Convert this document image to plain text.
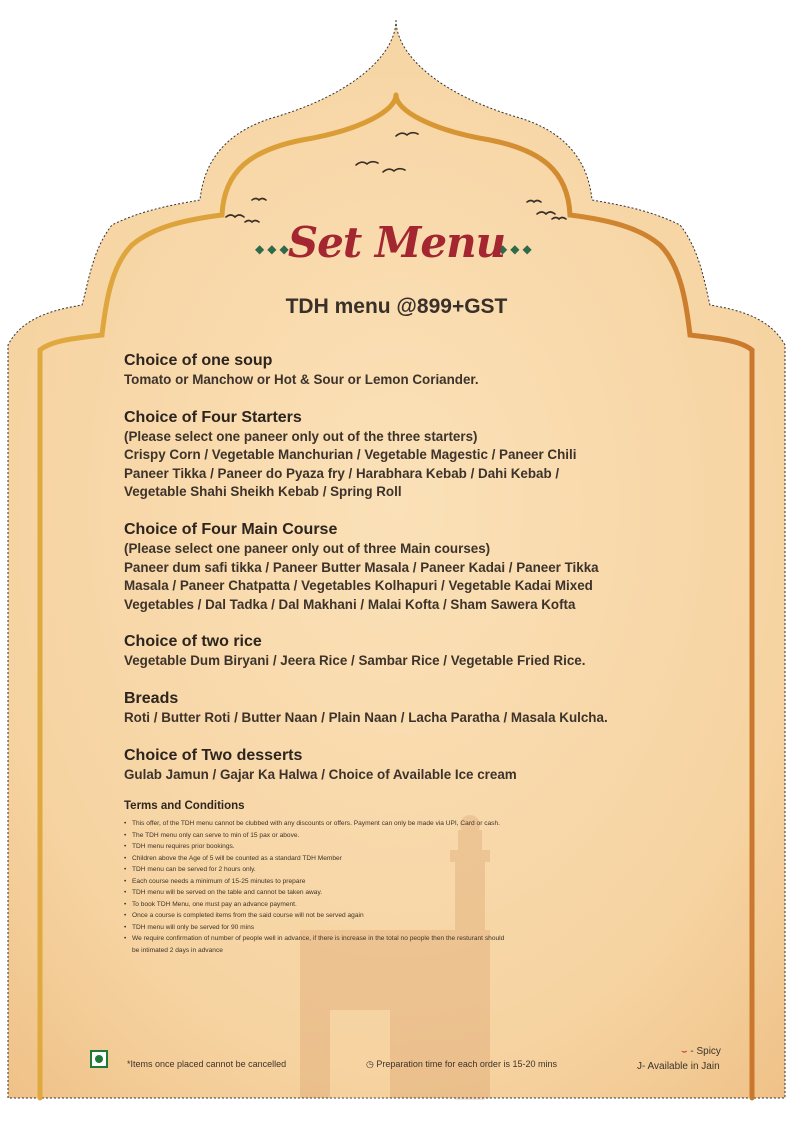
◆◆◆	◆◆◆
Set Menu
TDH menu @899+GST
Choice of one soup
Tomato or Manchow or Hot & Sour or Lemon Coriander.
Choice of Four Starters
(Please select one paneer only out of the three starters)
Crispy Corn / Vegetable Manchurian / Vegetable Magestic / Paneer Chili
Paneer Tikka / Paneer do Pyaza fry / Harabhara Kebab / Dahi Kebab /
Vegetable Shahi Sheikh Kebab / Spring Roll
Choice of Four Main Course
(Please select one paneer only out of three Main courses)
Paneer dum safi tikka / Paneer Butter Masala / Paneer Kadai / Paneer Tikka
Masala / Paneer Chatpatta / Vegetables Kolhapuri / Vegetable Kadai Mixed
Vegetables / Dal Tadka / Dal Makhani / Malai Kofta / Sham Sawera Kofta
Choice of two rice
Vegetable Dum Biryani / Jeera Rice / Sambar Rice / Vegetable Fried Rice.
Breads
Roti / Butter Roti / Butter Naan / Plain Naan / Lacha Paratha / Masala Kulcha.
Choice of Two desserts
Gulab Jamun / Gajar Ka Halwa / Choice of Available Ice cream
Terms and Conditions
• This offer, of the TDH menu cannot be clubbed with any discounts or offers. Payment can only be made via UPI, Card or cash.
• The TDH menu only can serve to min of 15 pax or above.
• TDH menu requires prior bookings.
• Children above the Age of 5 will be counted as a standard TDH Member
• TDH menu can be served for 2 hours only.
• Each course needs a minimum of 15-25 minutes to prepare
• TDH menu will be served on the table and cannot be taken away.
• To book TDH Menu, one must pay an advance payment.
• Once a course is completed items from the said course will not be served again
• TDH menu will only be served for 90 mins
• We require confirmation of number of people well in advance, if there is increase in the total no people then the resturant should be intimated 2 days in advance
*Items once placed cannot be cancelled	◷ Preparation time for each order is 15-20 mins
⌣ - Spicy
J- Available in Jain
